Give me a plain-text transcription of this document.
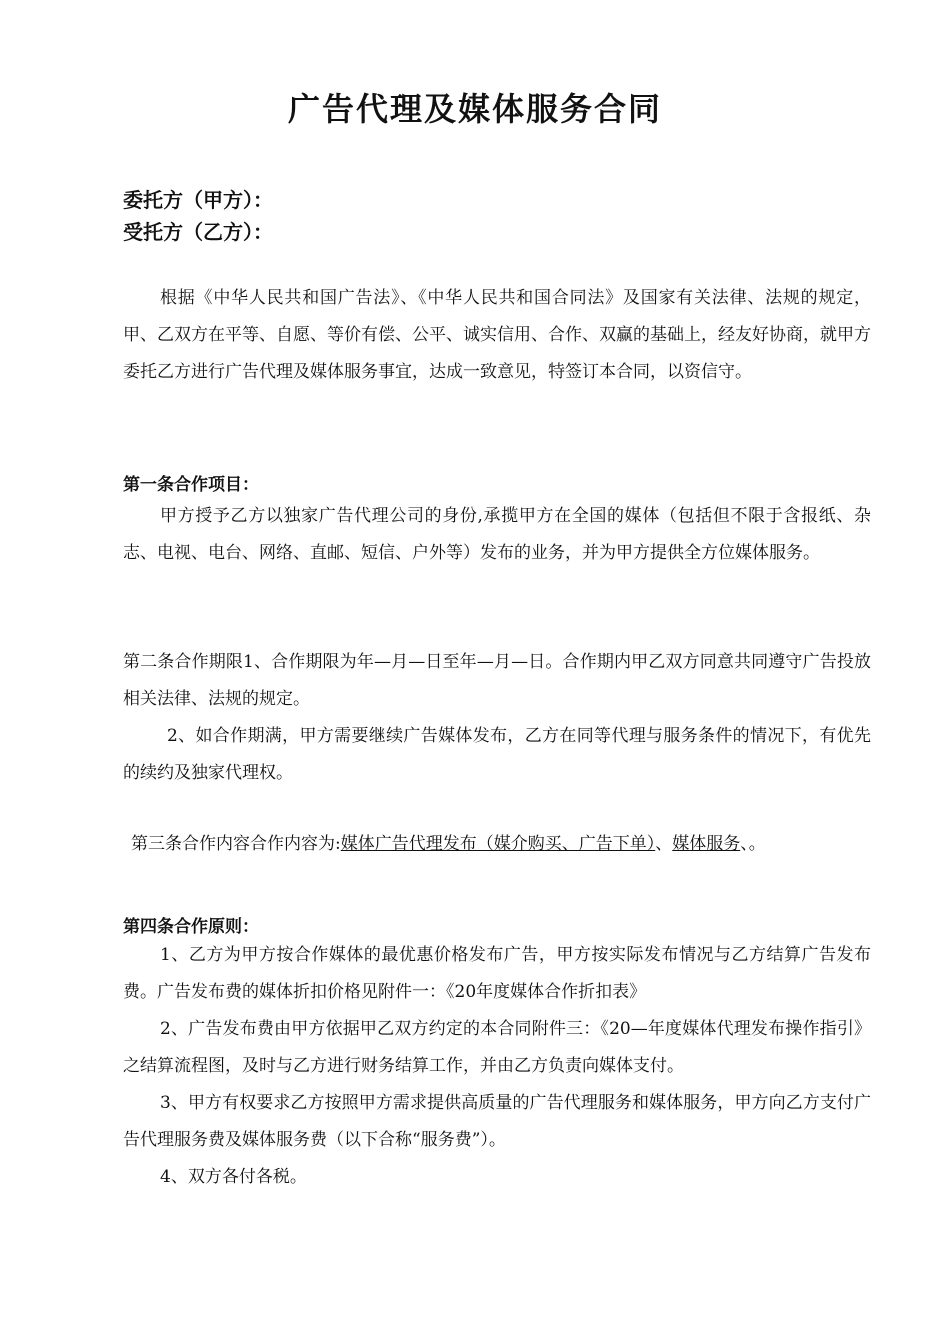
广告代理及媒体服务合同

委托方（甲方）：

受托方（乙方）：

根据《中华人民共和国广告法》、《中华人民共和国合同法》及国家有关法律、法规的规定，甲、乙双方在平等、自愿、等价有偿、公平、诚实信用、合作、双赢的基础上，经友好协商，就甲方委托乙方进行广告代理及媒体服务事宜，达成一致意见，特签订本合同，以资信守。

第一条合作项目：

甲方授予乙方以独家广告代理公司的身份,承揽甲方在全国的媒体（包括但不限于含报纸、杂志、电视、电台、网络、直邮、短信、户外等）发布的业务，并为甲方提供全方位媒体服务。

第二条合作期限1、合作期限为年—月—日至年—月—日。合作期内甲乙双方同意共同遵守广告投放相关法律、法规的规定。

2、如合作期满，甲方需要继续广告媒体发布，乙方在同等代理与服务条件的情况下，有优先的续约及独家代理权。

第三条合作内容合作内容为:媒体广告代理发布（媒介购买、广告下单）、媒体服务、。

第四条合作原则：

1、乙方为甲方按合作媒体的最优惠价格发布广告，甲方按实际发布情况与乙方结算广告发布费。广告发布费的媒体折扣价格见附件一：《20年度媒体合作折扣表》

2、广告发布费由甲方依据甲乙双方约定的本合同附件三：《20—年度媒体代理发布操作指引》之结算流程图，及时与乙方进行财务结算工作，并由乙方负责向媒体支付。

3、甲方有权要求乙方按照甲方需求提供高质量的广告代理服务和媒体服务，甲方向乙方支付广告代理服务费及媒体服务费（以下合称“服务费”）。

4、双方各付各税。
